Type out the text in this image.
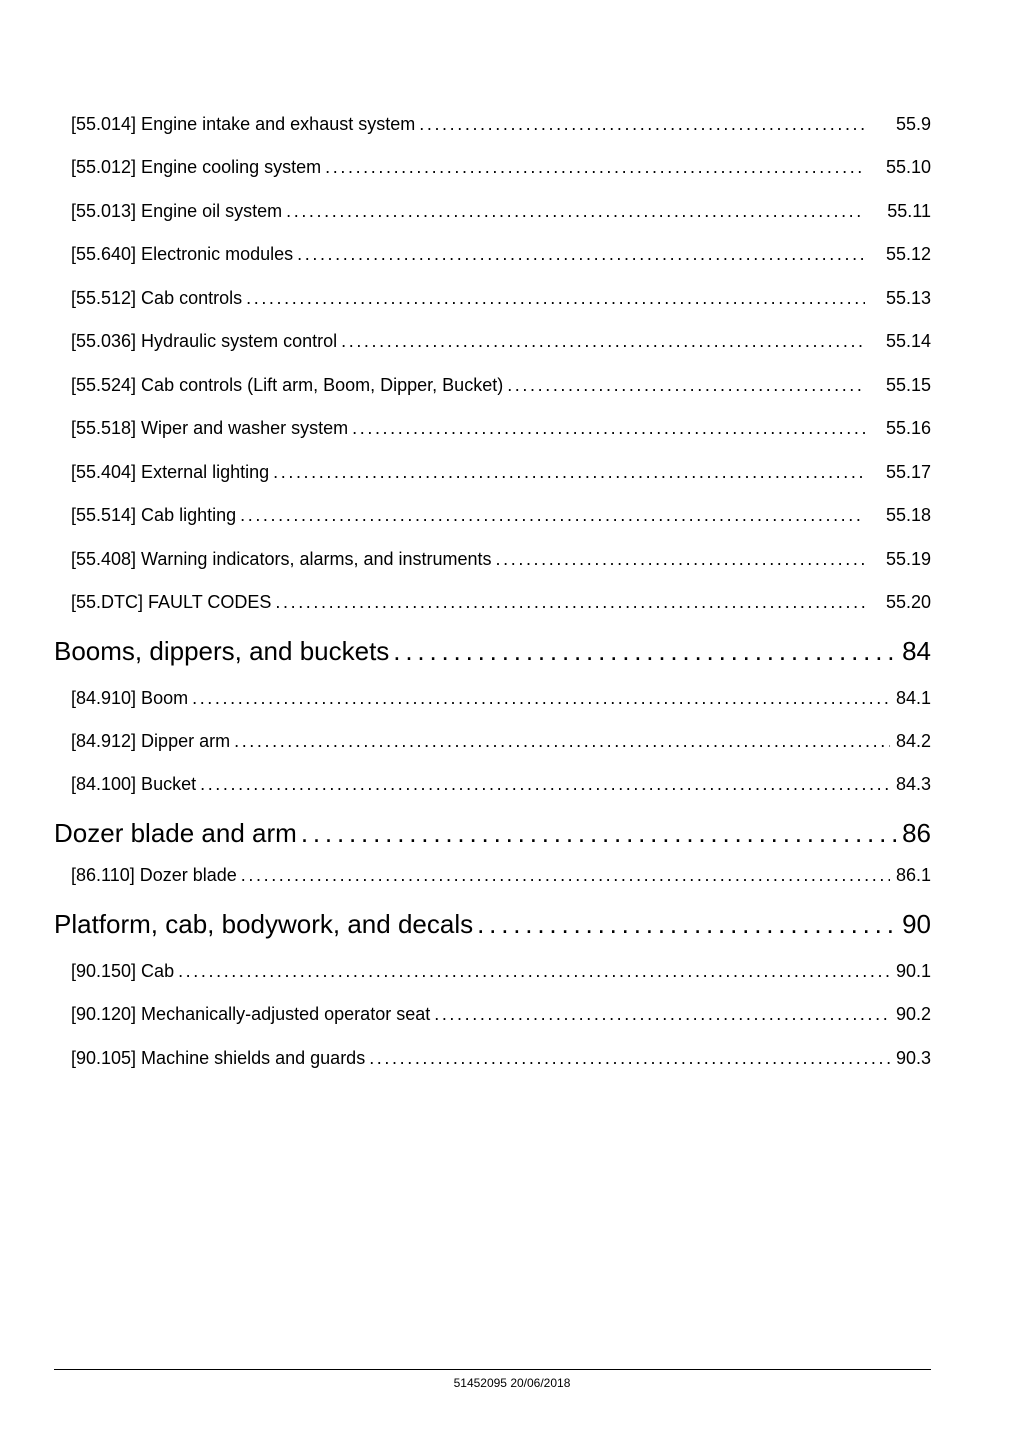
[55.014] Engine intake and exhaust system . . .	55.9
[55.012] Engine cooling system . . .	55.10
[55.013] Engine oil system . . .	55.11
[55.640] Electronic modules . . .	55.12
[55.512] Cab controls . . .	55.13
[55.036] Hydraulic system control . . .	55.14
[55.524] Cab controls (Lift arm, Boom, Dipper, Bucket) . . .	55.15
[55.518] Wiper and washer system . . .	55.16
[55.404] External lighting . . .	55.17
[55.514] Cab lighting . . .	55.18
[55.408] Warning indicators, alarms, and instruments . . .	55.19
[55.DTC] FAULT CODES . . .	55.20
Booms, dippers, and buckets . . .	84
[84.910] Boom . . .	84.1
[84.912] Dipper arm . . .	84.2
[84.100] Bucket . . .	84.3
Dozer blade and arm . . .	86
[86.110] Dozer blade . . .	86.1
Platform, cab, bodywork, and decals . . .	90
[90.150] Cab . . .	90.1
[90.120] Mechanically-adjusted operator seat . . .	90.2
[90.105] Machine shields and guards . . .	90.3
51452095 20/06/2018
